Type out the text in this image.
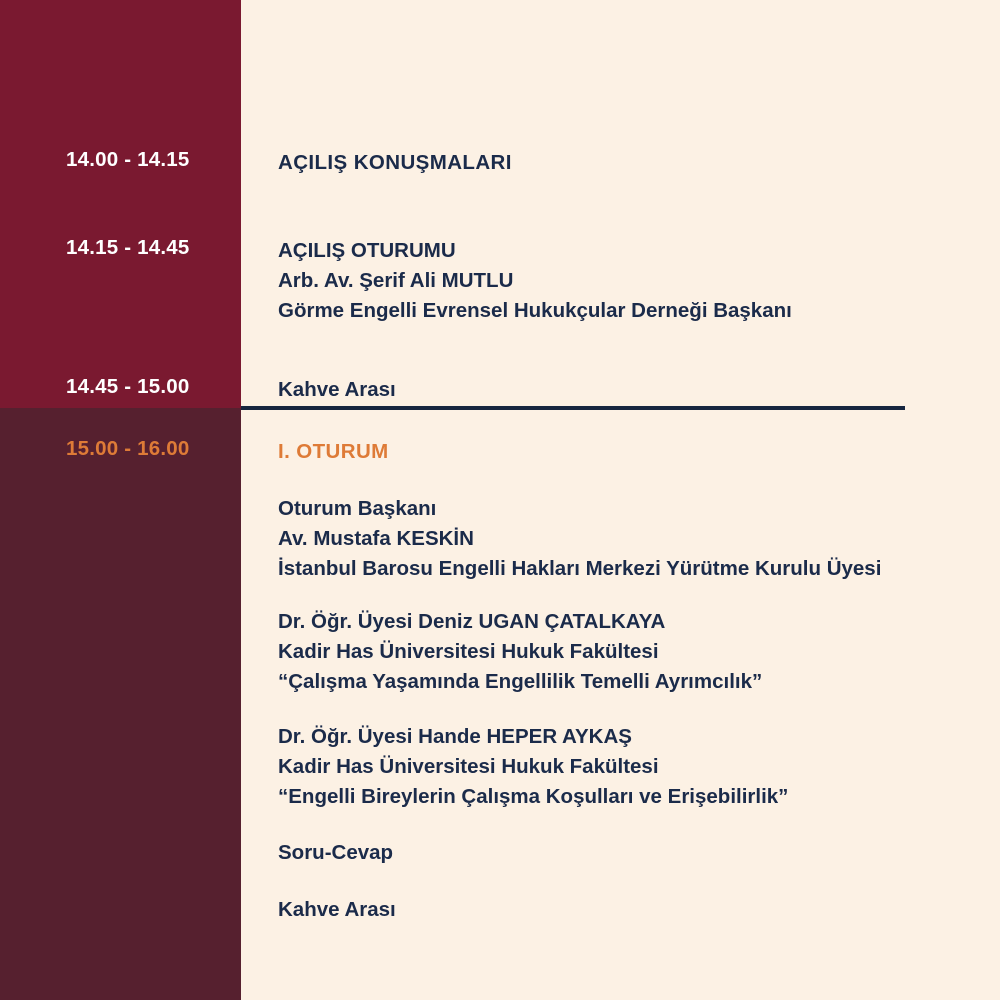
14.00 - 14.15
14.15 - 14.45
14.45 - 15.00
15.00 - 16.00
AÇILIŞ KONUŞMALARI
AÇILIŞ OTURUMU
Arb. Av. Şerif Ali MUTLU
Görme Engelli Evrensel Hukukçular Derneği Başkanı
Kahve Arası
I. OTURUM
Oturum Başkanı
Av. Mustafa KESKİN
İstanbul Barosu Engelli Hakları Merkezi Yürütme Kurulu Üyesi
Dr. Öğr. Üyesi Deniz UGAN ÇATALKAYA
Kadir Has Üniversitesi Hukuk Fakültesi
“Çalışma Yaşamında Engellilik Temelli Ayrımcılık”
Dr. Öğr. Üyesi Hande HEPER AYKAŞ
Kadir Has Üniversitesi Hukuk Fakültesi
“Engelli Bireylerin Çalışma Koşulları ve Erişebilirlik”
Soru-Cevap
Kahve Arası
